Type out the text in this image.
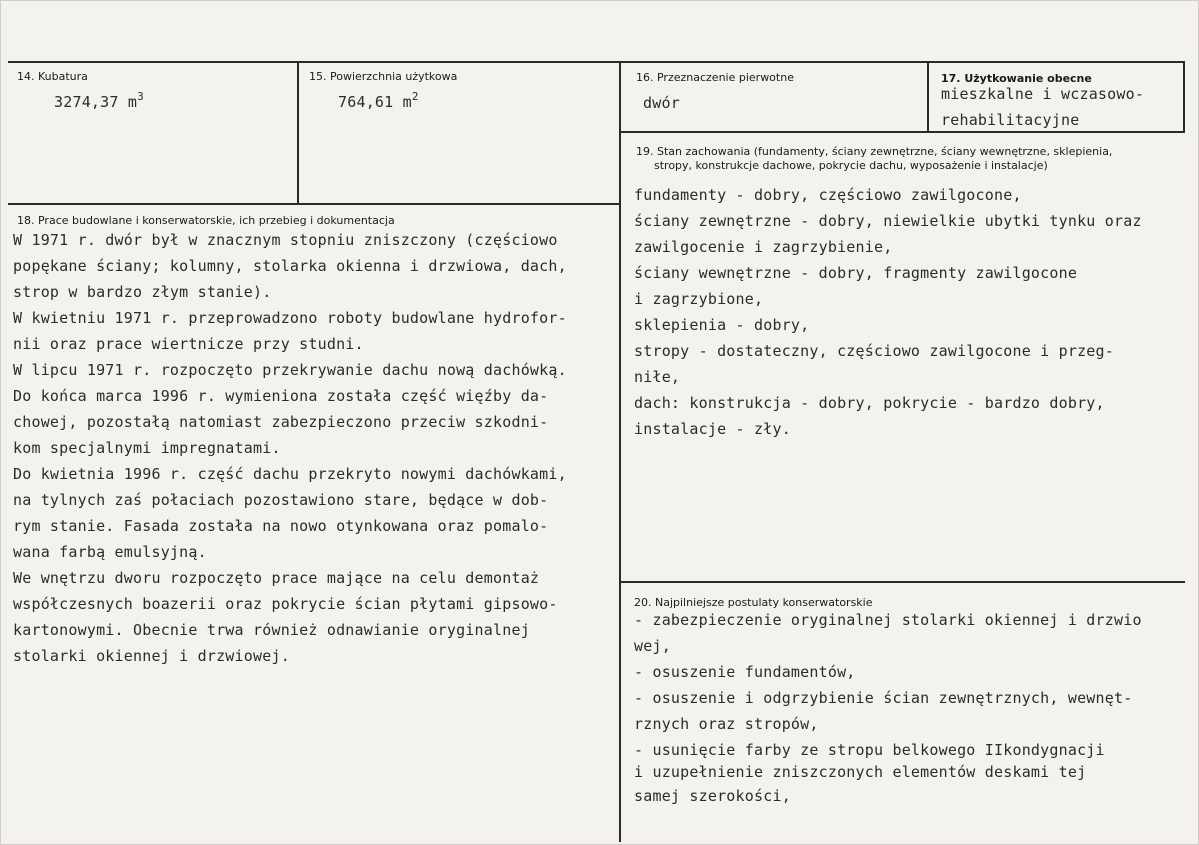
14. Kubatura
3274,37 $m^3$
15. Powierzchnia użytkowa
764,61 $m^2$
16. Przeznaczenie pierwotne
dwór
17. Użytkowanie obecne
mieszkalne i wczasowo-
rehabilitacyjne
19. Stan zachowania (fundamenty, ściany zewnętrzne, ściany wewnętrzne, sklepienia,
stropy, konstrukcje dachowe, pokrycie dachu, wyposażenie i instalacje)
fundamenty - dobry, częściowo zawilgocone,
ściany zewnętrzne - dobry, niewielkie ubytki tynku oraz
zawilgocenie i zagrzybienie,
ściany wewnętrzne - dobry, fragmenty zawilgocone
i zagrzybione,
sklepienia - dobry,
stropy - dostateczny, częściowo zawilgocone i przeg-
niłe,
dach: konstrukcja - dobry, pokrycie - bardzo dobry,
instalacje - zły.
18. Prace budowlane i konserwatorskie, ich przebieg i dokumentacja
W 1971 r. dwór był w znacznym stopniu zniszczony (częściowo
popękane ściany; kolumny, stolarka okienna i drzwiowa, dach,
strop w bardzo złym stanie).
W kwietniu 1971 r. przeprowadzono roboty budowlane hydrofor-
nii oraz prace wiertnicze przy studni.
W lipcu 1971 r. rozpoczęto przekrywanie dachu nową dachówką.
Do końca marca 1996 r. wymieniona została część więźby da-
chowej, pozostałą natomiast zabezpieczono przeciw szkodni-
kom specjalnymi impregnatami.
Do kwietnia 1996 r. część dachu przekryto nowymi dachówkami,
na tylnych zaś połaciach pozostawiono stare, będące w dob-
rym stanie. Fasada została na nowo otynkowana oraz pomalo-
wana farbą emulsyjną.
We wnętrzu dworu rozpoczęto prace mające na celu demontaż
współczesnych boazerii oraz pokrycie ścian płytami gipsowo-
kartonowymi. Obecnie trwa również odnawianie oryginalnej
stolarki okiennej i drzwiowej.
20. Najpilniejsze postulaty konserwatorskie
- zabezpieczenie oryginalnej stolarki okiennej i drzwio
wej,
- osuszenie fundamentów,
- osuszenie i odgrzybienie ścian zewnętrznych, wewnęt-
rznych oraz stropów,
- usunięcie farby ze stropu belkowego IIkondygnacji
i uzupełnienie zniszczonych elementów deskami tej
samej szerokości,
